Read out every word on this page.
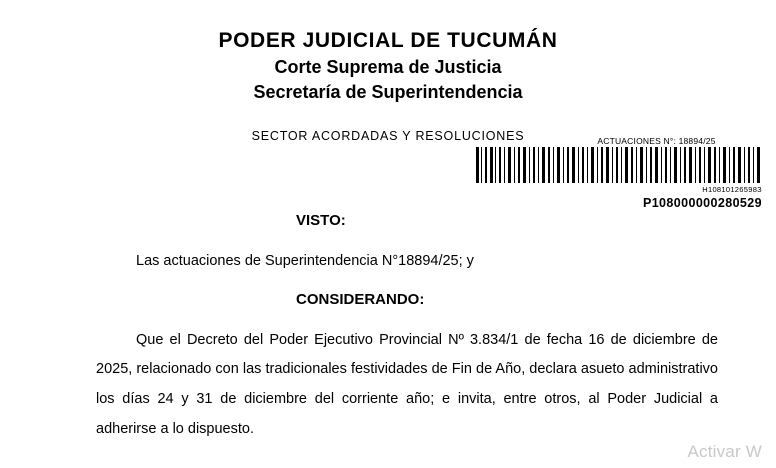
PODER JUDICIAL DE TUCUMÁN
Corte Suprema de Justicia
Secretaría de Superintendencia
SECTOR ACORDADAS Y RESOLUCIONES	ACTUACIONES N°: 18894/25
H10810126598З
P108000000280529
VISTO:

Las actuaciones de Superintendencia N°18894/25; y

CONSIDERANDO:

Que el Decreto del Poder Ejecutivo Provincial Nº 3.834/1 de fecha 16 de diciembre de 2025, relacionado con las tradicionales festividades de Fin de Año, declara asueto administrativo los días 24 y 31 de diciembre del corriente año; e invita, entre otros, al Poder Judicial a adherirse a lo dispuesto.

Activar W
